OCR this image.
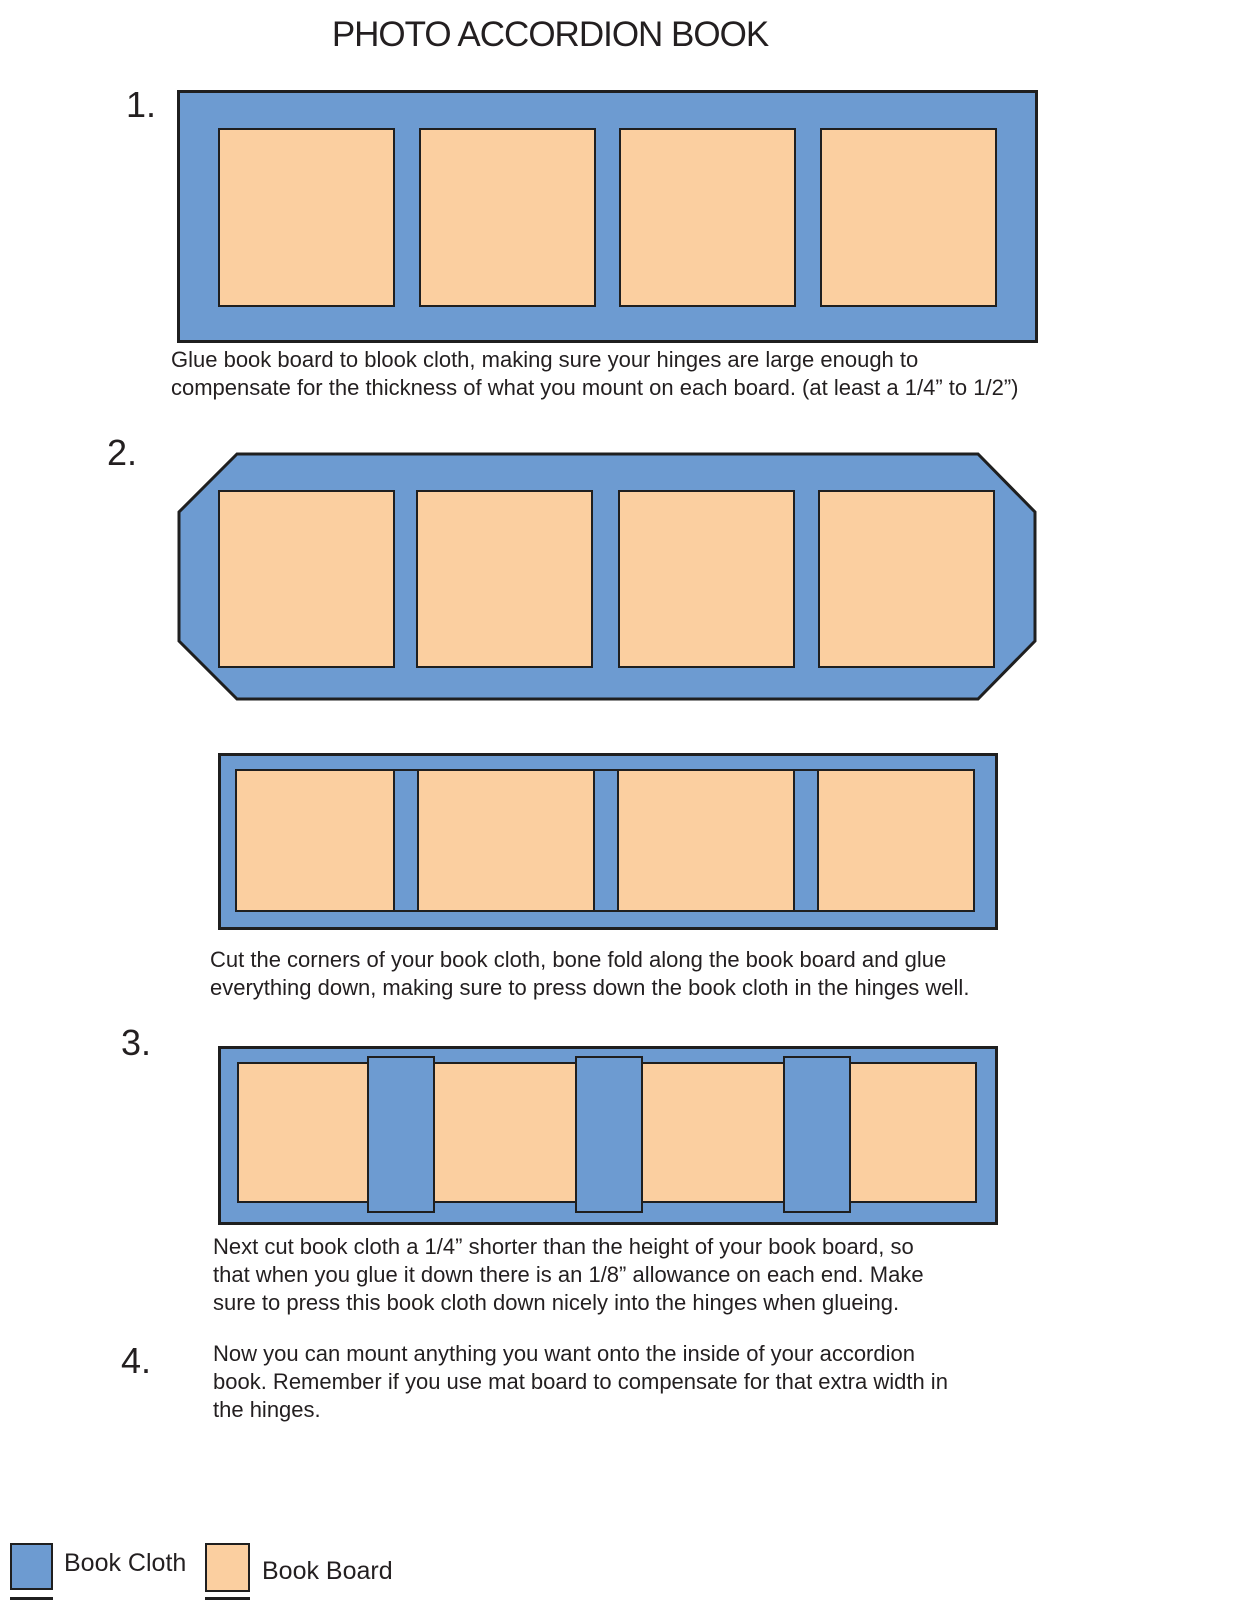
PHOTO ACCORDION BOOK
1.
Glue book board to blook cloth, making sure your hinges are large enough to
compensate for the thickness of what you mount on each board. (at least a 1/4” to 1/2”)
2.
Cut the corners of your book cloth, bone fold along the book board and glue
everything down, making sure to press down the book cloth in the hinges well.
3.
Next cut book cloth a 1/4” shorter than the height of your book board, so
that when you glue it down there is an 1/8” allowance on each end. Make
sure to press this book cloth down nicely into the hinges when glueing.
4.	Now you can mount anything you want onto the inside of your accordion
book. Remember if you use mat board to compensate for that extra width in
the hinges.
Book Cloth	Book Board
